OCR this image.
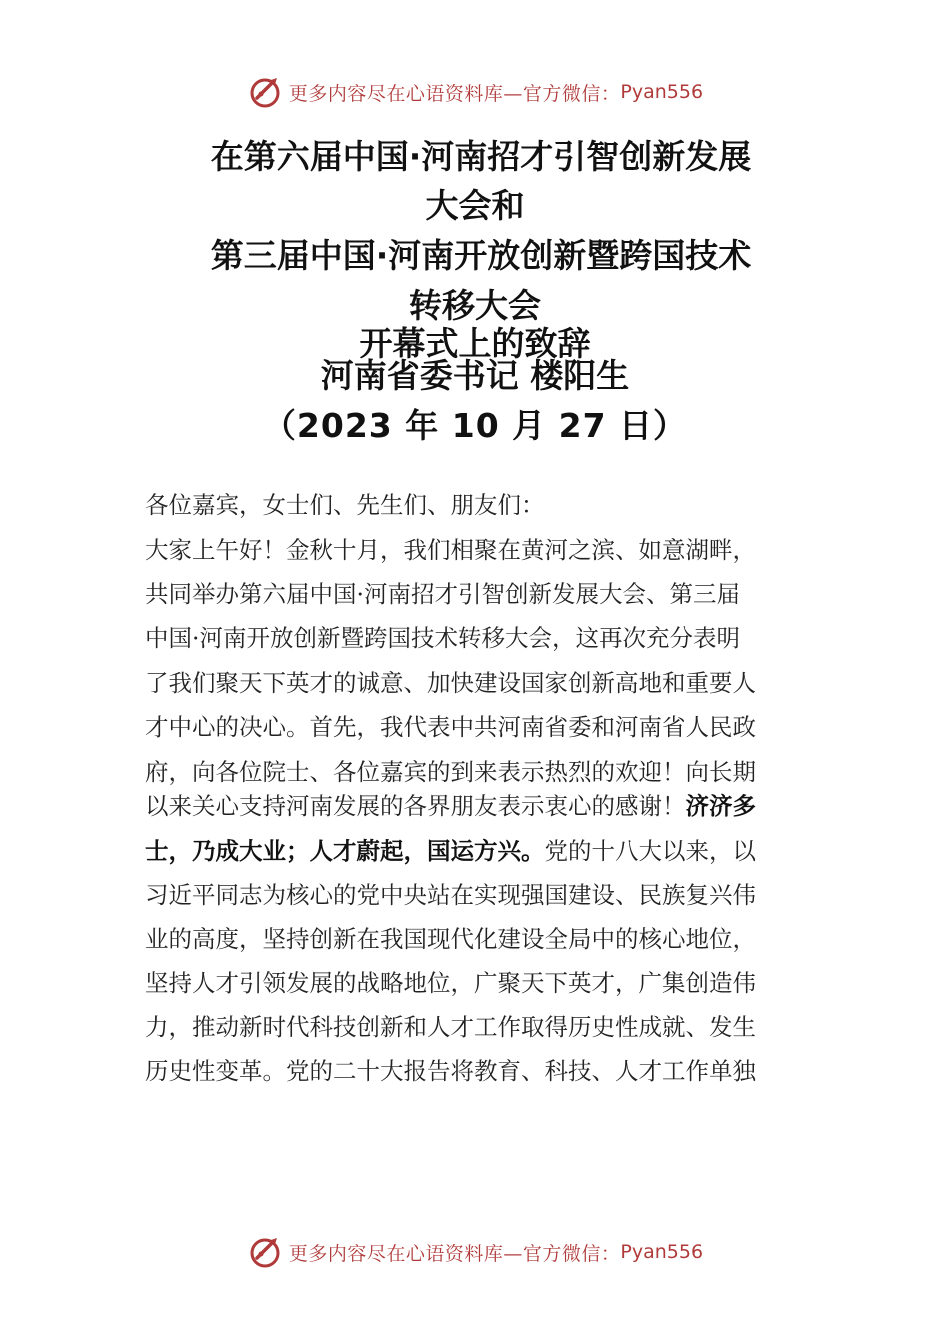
更多内容尽在心语资料库—官方微信： Pyan556
在第六届中国·河南招才引智创新发展
大会和
第三届中国·河南开放创新暨跨国技术
转移大会
开幕式上的致辞
河南省委书记 楼阳生
（2023 年 10 月 27 日）
各位嘉宾，女士们、先生们、朋友们：
大家上午好！金秋十月，我们相聚在黄河之滨、如意湖畔，
共同举办第六届中国·河南招才引智创新发展大会、第三届
中国·河南开放创新暨跨国技术转移大会，这再次充分表明
了我们聚天下英才的诚意、加快建设国家创新高地和重要人
才中心的决心。首先，我代表中共河南省委和河南省人民政
府，向各位院士、各位嘉宾的到来表示热烈的欢迎！向长期
以来关心支持河南发展的各界朋友表示衷心的感谢！济济多
士，乃成大业；人才蔚起，国运方兴。党的十八大以来，以
习近平同志为核心的党中央站在实现强国建设、民族复兴伟
业的高度，坚持创新在我国现代化建设全局中的核心地位，
坚持人才引领发展的战略地位，广聚天下英才，广集创造伟
力，推动新时代科技创新和人才工作取得历史性成就、发生
历史性变革。党的二十大报告将教育、科技、人才工作单独
更多内容尽在心语资料库—官方微信： Pyan556
